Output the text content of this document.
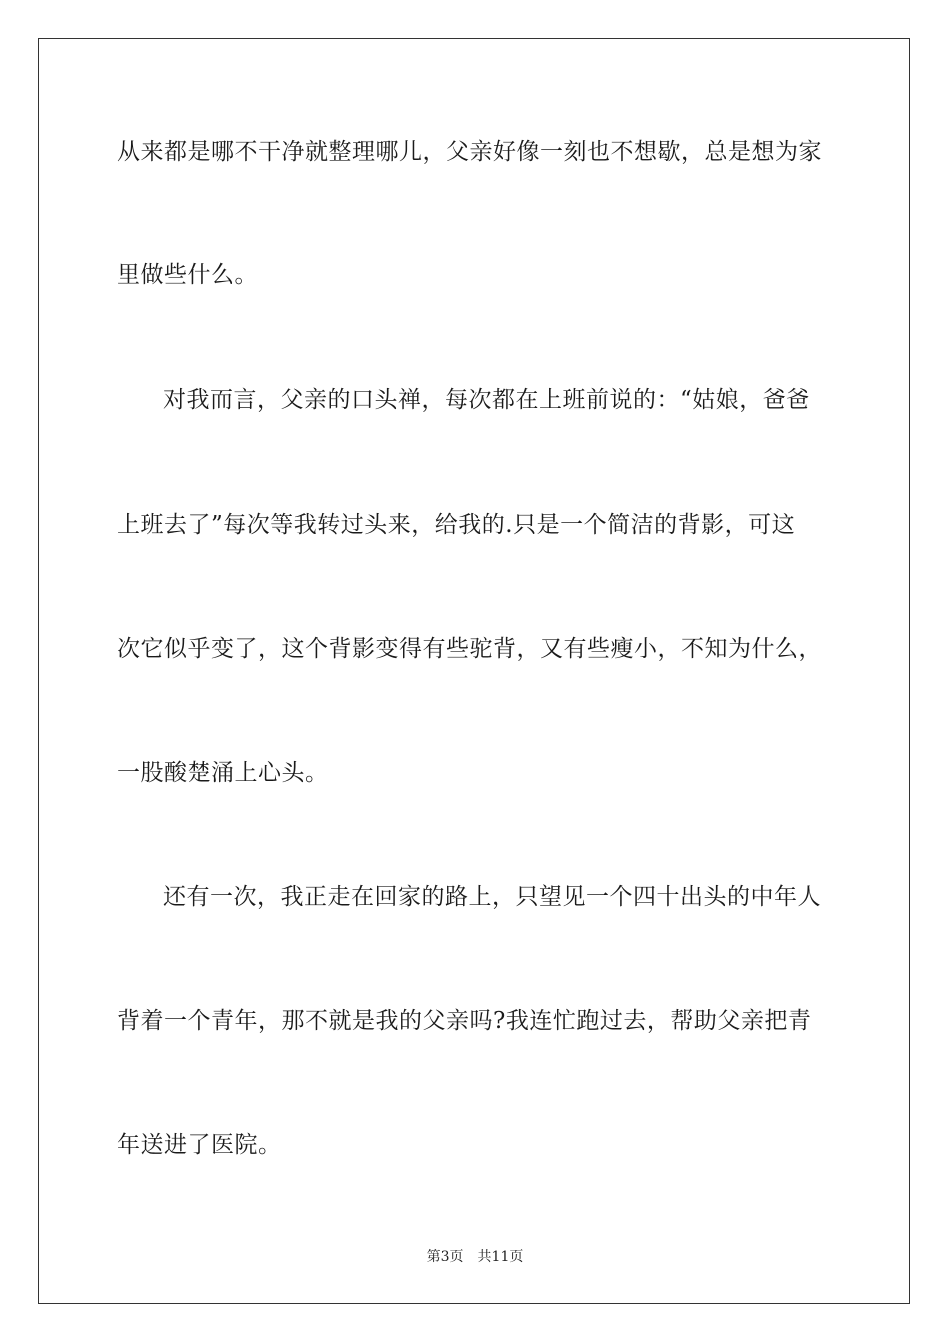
从来都是哪不干净就整理哪儿，父亲好像一刻也不想歇，总是想为家
里做些什么。
对我而言，父亲的口头禅，每次都在上班前说的：“姑娘，爸爸
上班去了”每次等我转过头来，给我的.只是一个简洁的背影，可这
次它似乎变了，这个背影变得有些驼背，又有些瘦小，不知为什么，
一股酸楚涌上心头。
还有一次，我正走在回家的路上，只望见一个四十出头的中年人
背着一个青年，那不就是我的父亲吗?我连忙跑过去，帮助父亲把青
年送进了医院。
第3页 共11页
